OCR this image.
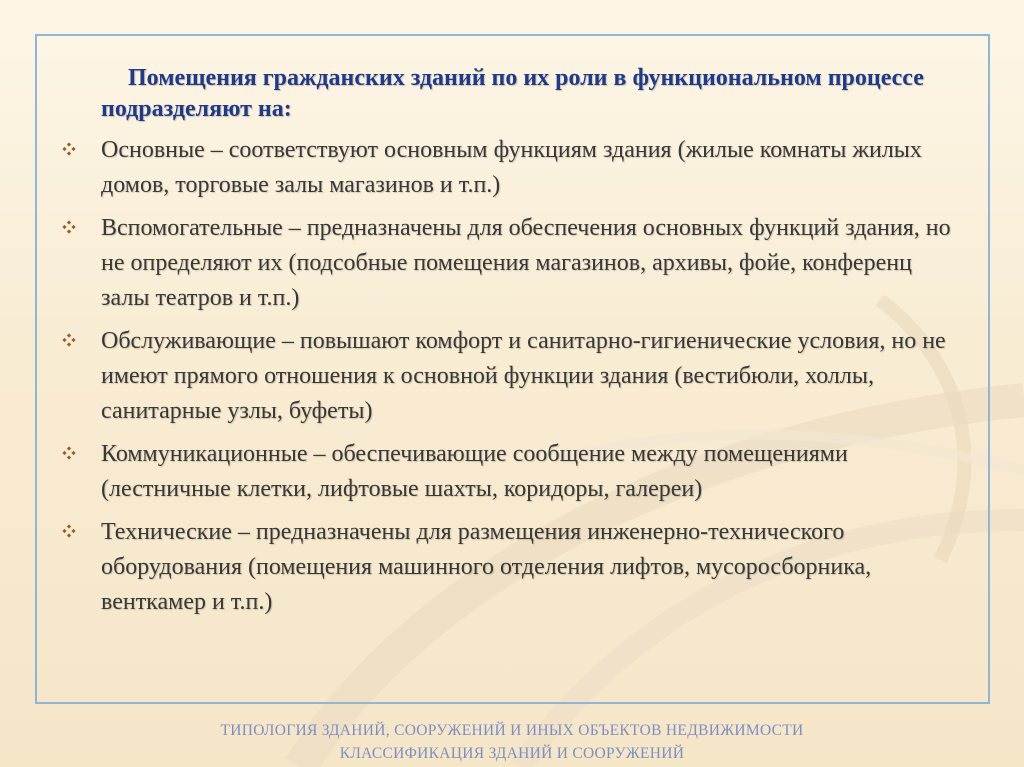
Помещения гражданских зданий по их роли в функциональном процессе подразделяют на:

Основные – соответствуют основным функциям здания (жилые комнаты жилых домов, торговые залы магазинов и т.п.)
Вспомогательные – предназначены для обеспечения основных функций здания, но не определяют их (подсобные помещения магазинов, архивы, фойе, конференц залы театров и т.п.)
Обслуживающие – повышают комфорт и санитарно-гигиенические условия, но не имеют прямого отношения к основной функции здания (вестибюли, холлы, санитарные узлы, буфеты)
Коммуникационные – обеспечивающие сообщение между помещениями (лестничные клетки, лифтовые шахты, коридоры, галереи)
Технические – предназначены для размещения инженерно-технического оборудования (помещения машинного отделения лифтов, мусоросборника, венткамер и т.п.)
ТИПОЛОГИЯ ЗДАНИЙ, СООРУЖЕНИЙ И ИНЫХ ОБЪЕКТОВ НЕДВИЖИМОСТИ
КЛАССИФИКАЦИЯ ЗДАНИЙ И СООРУЖЕНИЙ
